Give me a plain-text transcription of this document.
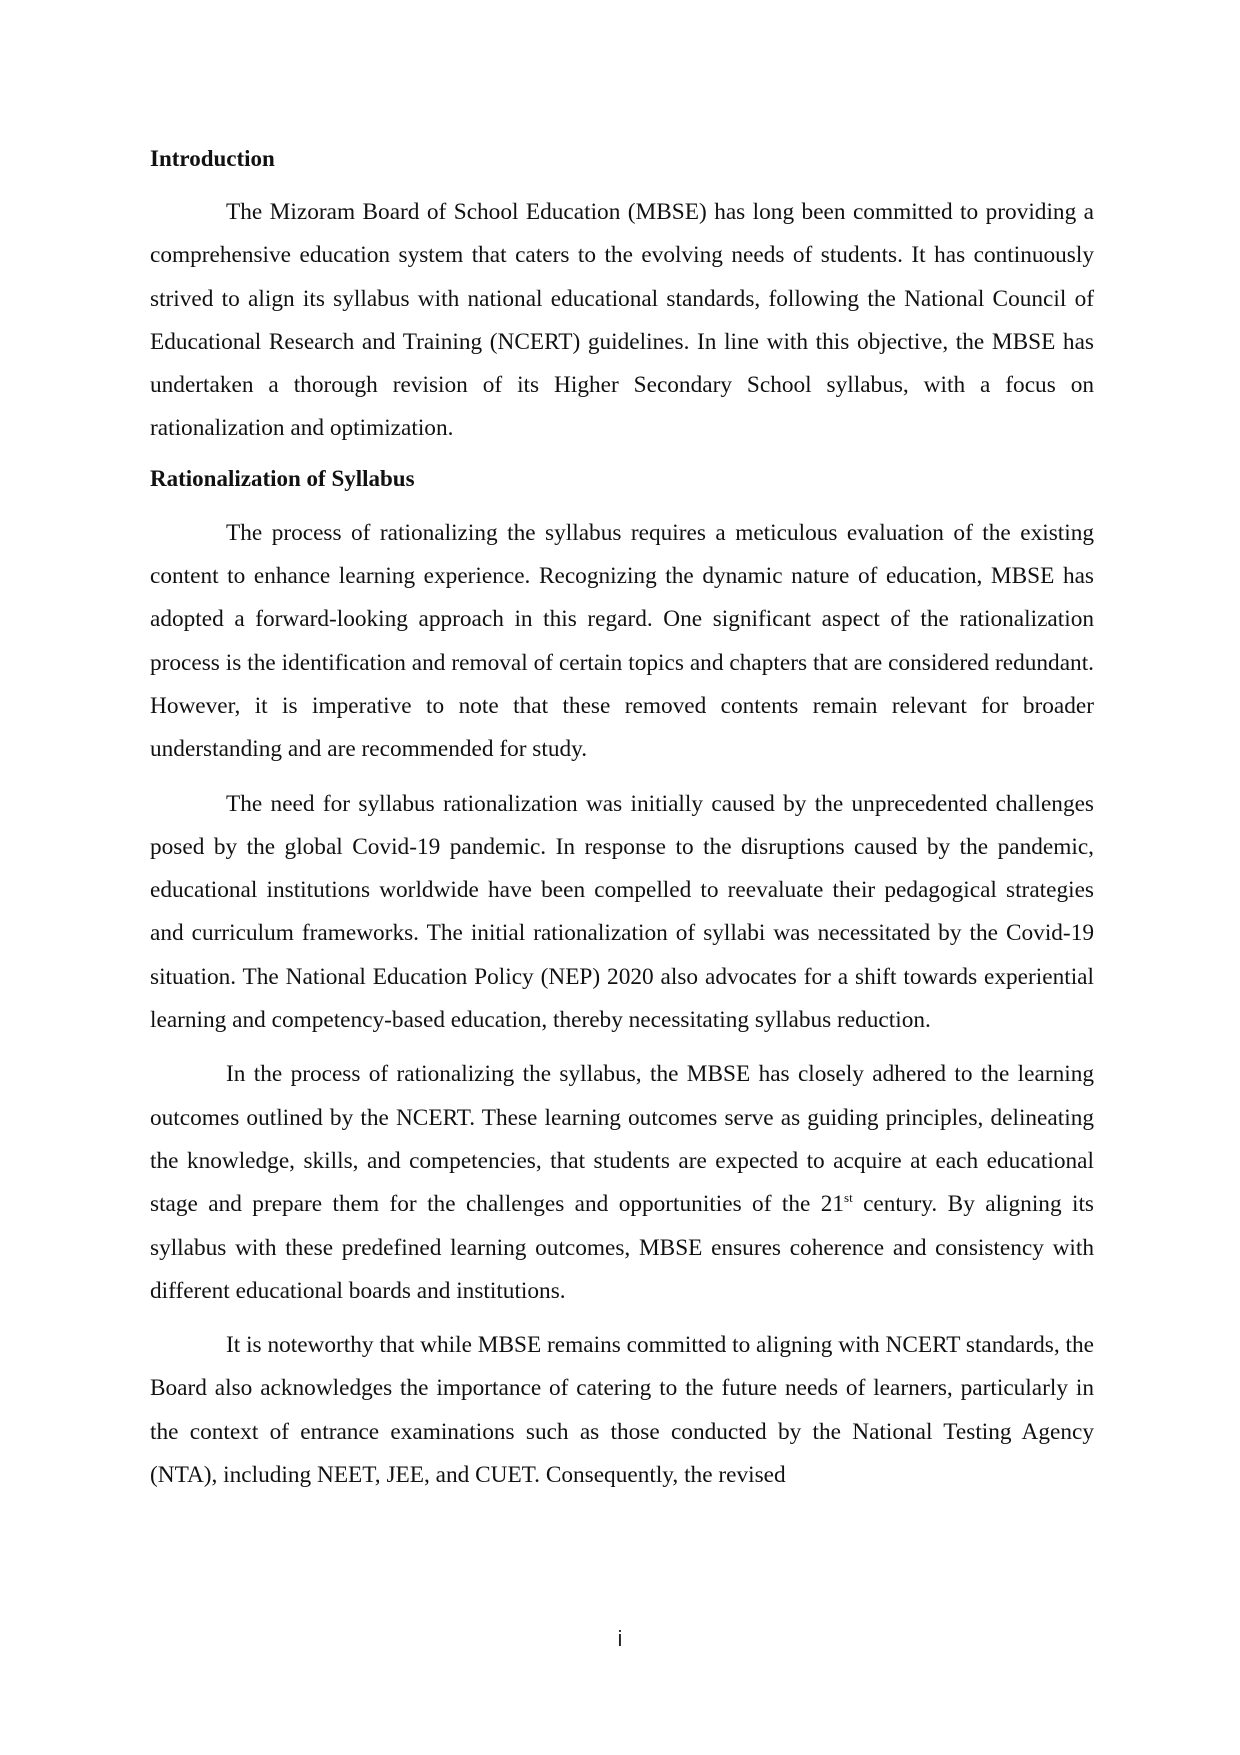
Introduction

The Mizoram Board of School Education (MBSE) has long been committed to providing a comprehensive education system that caters to the evolving needs of students. It has continuously strived to align its syllabus with national educational standards, following the National Council of Educational Research and Training (NCERT) guidelines. In line with this objective, the MBSE has undertaken a thorough revision of its Higher Secondary School syllabus, with a focus on rationalization and optimization.

Rationalization of Syllabus

The process of rationalizing the syllabus requires a meticulous evaluation of the existing content to enhance learning experience. Recognizing the dynamic nature of education, MBSE has adopted a forward-looking approach in this regard. One significant aspect of the rationalization process is the identification and removal of certain topics and chapters that are considered redundant. However, it is imperative to note that these removed contents remain relevant for broader understanding and are recommended for study.

The need for syllabus rationalization was initially caused by the unprecedented challenges posed by the global Covid-19 pandemic. In response to the disruptions caused by the pandemic, educational institutions worldwide have been compelled to reevaluate their pedagogical strategies and curriculum frameworks. The initial rationalization of syllabi was necessitated by the Covid-19 situation. The National Education Policy (NEP) 2020 also advocates for a shift towards experiential learning and competency-based education, thereby necessitating syllabus reduction.

In the process of rationalizing the syllabus, the MBSE has closely adhered to the learning outcomes outlined by the NCERT. These learning outcomes serve as guiding principles, delineating the knowledge, skills, and competencies, that students are expected to acquire at each educational stage and prepare them for the challenges and opportunities of the 21st century. By aligning its syllabus with these predefined learning outcomes, MBSE ensures coherence and consistency with different educational boards and institutions.

It is noteworthy that while MBSE remains committed to aligning with NCERT standards, the Board also acknowledges the importance of catering to the future needs of learners, particularly in the context of entrance examinations such as those conducted by the National Testing Agency (NTA), including NEET, JEE, and CUET. Consequently, the revised

i
